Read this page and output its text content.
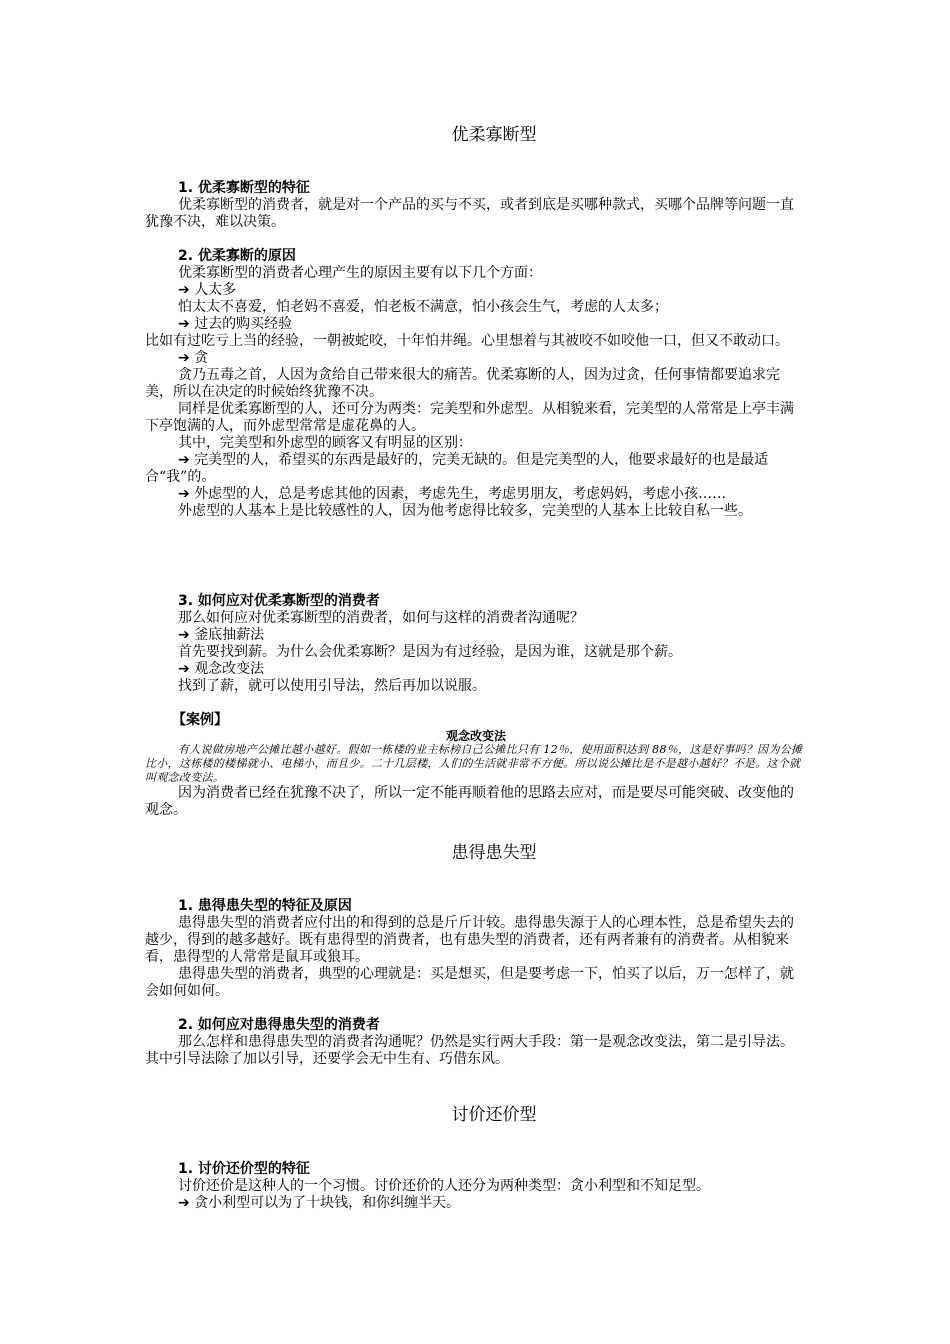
优柔寡断型

1. 优柔寡断型的特征

优柔寡断型的消费者，就是对一个产品的买与不买，或者到底是买哪种款式，买哪个品牌等问题一直犹豫不决，难以决策。

2. 优柔寡断的原因

优柔寡断型的消费者心理产生的原因主要有以下几个方面：

➔ 人太多

怕太太不喜爱，怕老妈不喜爱，怕老板不满意，怕小孩会生气，考虑的人太多；

➔ 过去的购买经验

比如有过吃亏上当的经验，一朝被蛇咬，十年怕井绳。心里想着与其被咬不如咬他一口，但又不敢动口。

➔ 贪

贪乃五毒之首，人因为贪给自己带来很大的痛苦。优柔寡断的人，因为过贪，任何事情都要追求完美，所以在决定的时候始终犹豫不决。

同样是优柔寡断型的人，还可分为两类：完美型和外虑型。从相貌来看，完美型的人常常是上亭丰满下亭饱满的人，而外虑型常常是虚花鼻的人。

其中，完美型和外虑型的顾客又有明显的区别：

➔ 完美型的人，希望买的东西是最好的，完美无缺的。但是完美型的人，他要求最好的也是最适合“我”的。

➔ 外虑型的人，总是考虑其他的因素，考虑先生，考虑男朋友，考虑妈妈，考虑小孩……

外虑型的人基本上是比较感性的人，因为他考虑得比较多，完美型的人基本上比较自私一些。

3. 如何应对优柔寡断型的消费者

那么如何应对优柔寡断型的消费者，如何与这样的消费者沟通呢？

➔ 釜底抽薪法

首先要找到薪。为什么会优柔寡断？是因为有过经验，是因为谁，这就是那个薪。

➔ 观念改变法

找到了薪，就可以使用引导法，然后再加以说服。

【案例】
观念改变法

有人说做房地产公摊比越小越好。假如一栋楼的业主标榜自己公摊比只有 12％，使用面积达到 88％，这是好事吗？因为公摊比小，这栋楼的楼梯就小、电梯小，而且少。二十几层楼，人们的生活就非常不方便。所以说公摊比是不是越小越好？不是。这个就叫观念改变法。

因为消费者已经在犹豫不决了，所以一定不能再顺着他的思路去应对，而是要尽可能突破、改变他的观念。

患得患失型

1. 患得患失型的特征及原因

患得患失型的消费者应付出的和得到的总是斤斤计较。患得患失源于人的心理本性，总是希望失去的越少，得到的越多越好。既有患得型的消费者，也有患失型的消费者，还有两者兼有的消费者。从相貌来看，患得型的人常常是鼠耳或狼耳。

患得患失型的消费者，典型的心理就是：买是想买，但是要考虑一下，怕买了以后，万一怎样了，就会如何如何。

2. 如何应对患得患失型的消费者

那么怎样和患得患失型的消费者沟通呢？仍然是实行两大手段：第一是观念改变法，第二是引导法。其中引导法除了加以引导，还要学会无中生有、巧借东风。

讨价还价型

1. 讨价还价型的特征

讨价还价是这种人的一个习惯。讨价还价的人还分为两种类型：贪小利型和不知足型。

➔ 贪小利型可以为了十块钱，和你纠缠半天。
